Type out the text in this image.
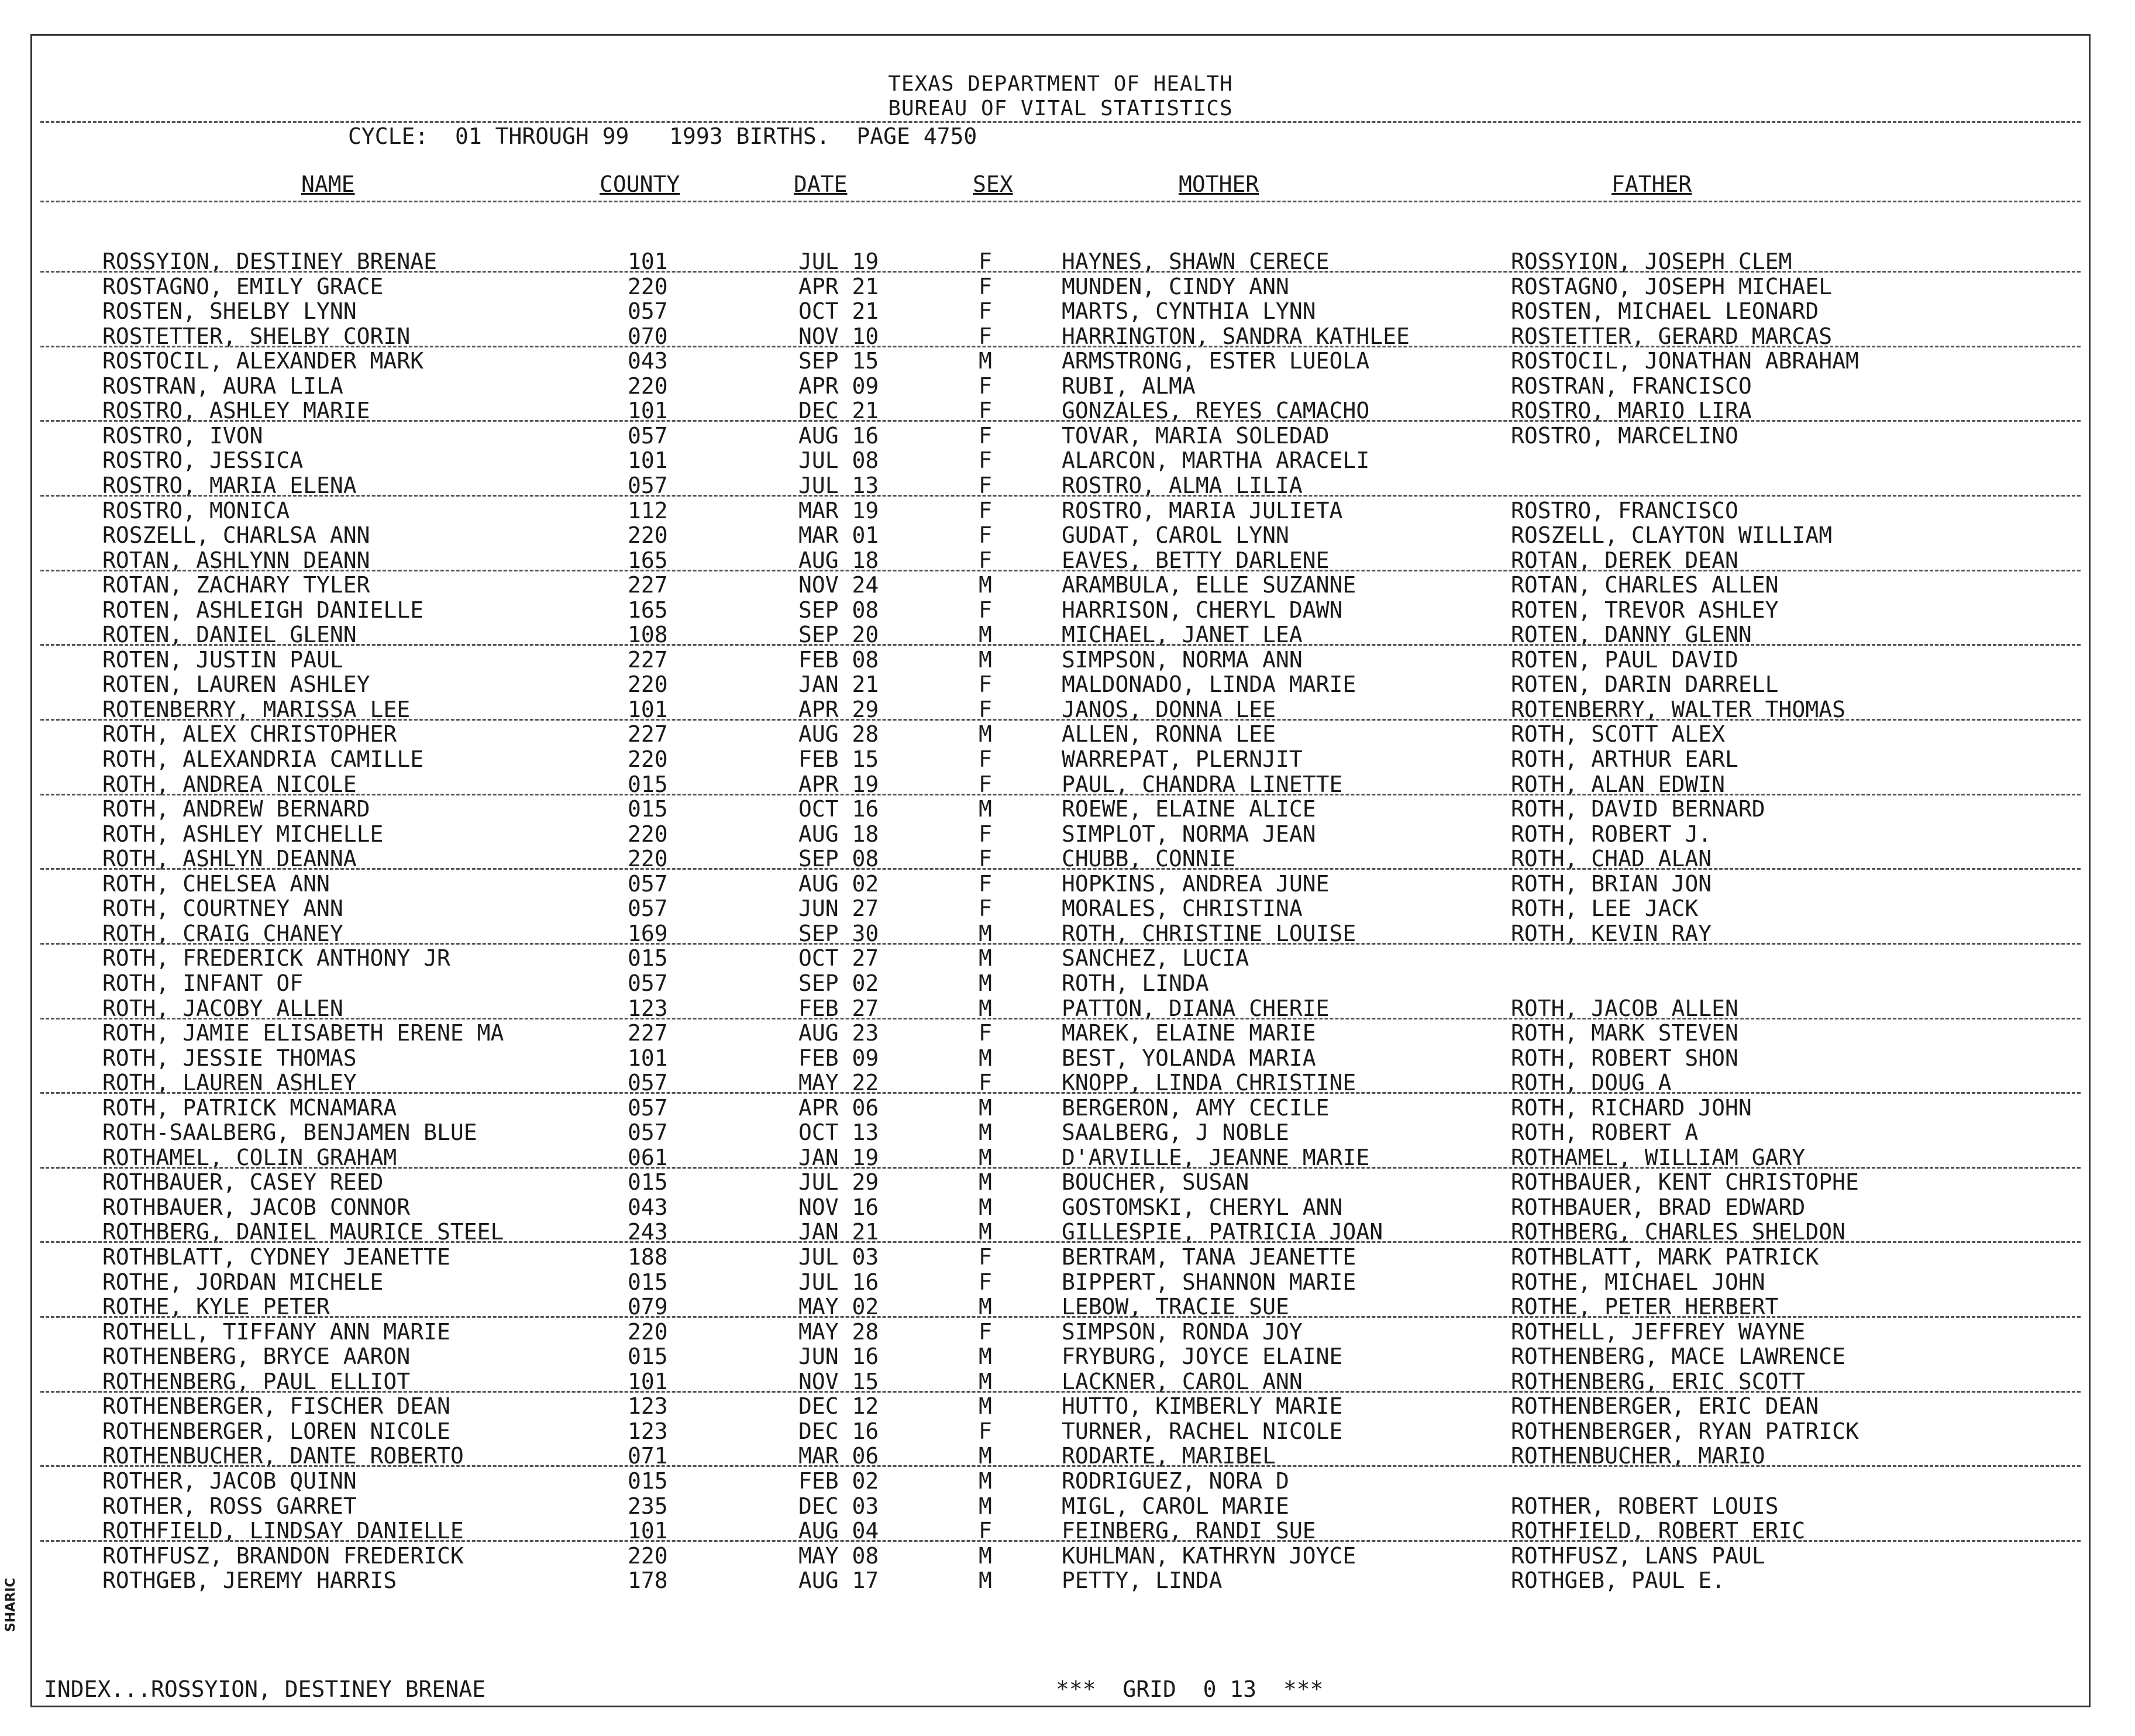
SHARIC
TEXAS DEPARTMENT OF HEALTH
BUREAU OF VITAL STATISTICS
CYCLE:  01 THROUGH 99   1993 BIRTHS.  PAGE 4750
NAME	COUNTY	DATE	SEX	MOTHER	FATHER
ROSSYION, DESTINEY BRENAE	101	JUL 19	F	HAYNES, SHAWN CERECE	ROSSYION, JOSEPH CLEM
ROSTAGNO, EMILY GRACE	220	APR 21	F	MUNDEN, CINDY ANN	ROSTAGNO, JOSEPH MICHAEL
ROSTEN, SHELBY LYNN	057	OCT 21	F	MARTS, CYNTHIA LYNN	ROSTEN, MICHAEL LEONARD
ROSTETTER, SHELBY CORIN	070	NOV 10	F	HARRINGTON, SANDRA KATHLEE	ROSTETTER, GERARD MARCAS
ROSTOCIL, ALEXANDER MARK	043	SEP 15	M	ARMSTRONG, ESTER LUEOLA	ROSTOCIL, JONATHAN ABRAHAM
ROSTRAN, AURA LILA	220	APR 09	F	RUBI, ALMA	ROSTRAN, FRANCISCO
ROSTRO, ASHLEY MARIE	101	DEC 21	F	GONZALES, REYES CAMACHO	ROSTRO, MARIO LIRA
ROSTRO, IVON	057	AUG 16	F	TOVAR, MARIA SOLEDAD	ROSTRO, MARCELINO
ROSTRO, JESSICA	101	JUL 08	F	ALARCON, MARTHA ARACELI
ROSTRO, MARIA ELENA	057	JUL 13	F	ROSTRO, ALMA LILIA
ROSTRO, MONICA	112	MAR 19	F	ROSTRO, MARIA JULIETA	ROSTRO, FRANCISCO
ROSZELL, CHARLSA ANN	220	MAR 01	F	GUDAT, CAROL LYNN	ROSZELL, CLAYTON WILLIAM
ROTAN, ASHLYNN DEANN	165	AUG 18	F	EAVES, BETTY DARLENE	ROTAN, DEREK DEAN
ROTAN, ZACHARY TYLER	227	NOV 24	M	ARAMBULA, ELLE SUZANNE	ROTAN, CHARLES ALLEN
ROTEN, ASHLEIGH DANIELLE	165	SEP 08	F	HARRISON, CHERYL DAWN	ROTEN, TREVOR ASHLEY
ROTEN, DANIEL GLENN	108	SEP 20	M	MICHAEL, JANET LEA	ROTEN, DANNY GLENN
ROTEN, JUSTIN PAUL	227	FEB 08	M	SIMPSON, NORMA ANN	ROTEN, PAUL DAVID
ROTEN, LAUREN ASHLEY	220	JAN 21	F	MALDONADO, LINDA MARIE	ROTEN, DARIN DARRELL
ROTENBERRY, MARISSA LEE	101	APR 29	F	JANOS, DONNA LEE	ROTENBERRY, WALTER THOMAS
ROTH, ALEX CHRISTOPHER	227	AUG 28	M	ALLEN, RONNA LEE	ROTH, SCOTT ALEX
ROTH, ALEXANDRIA CAMILLE	220	FEB 15	F	WARREPAT, PLERNJIT	ROTH, ARTHUR EARL
ROTH, ANDREA NICOLE	015	APR 19	F	PAUL, CHANDRA LINETTE	ROTH, ALAN EDWIN
ROTH, ANDREW BERNARD	015	OCT 16	M	ROEWE, ELAINE ALICE	ROTH, DAVID BERNARD
ROTH, ASHLEY MICHELLE	220	AUG 18	F	SIMPLOT, NORMA JEAN	ROTH, ROBERT J.
ROTH, ASHLYN DEANNA	220	SEP 08	F	CHUBB, CONNIE	ROTH, CHAD ALAN
ROTH, CHELSEA ANN	057	AUG 02	F	HOPKINS, ANDREA JUNE	ROTH, BRIAN JON
ROTH, COURTNEY ANN	057	JUN 27	F	MORALES, CHRISTINA	ROTH, LEE JACK
ROTH, CRAIG CHANEY	169	SEP 30	M	ROTH, CHRISTINE LOUISE	ROTH, KEVIN RAY
ROTH, FREDERICK ANTHONY JR	015	OCT 27	M	SANCHEZ, LUCIA
ROTH, INFANT OF	057	SEP 02	M	ROTH, LINDA
ROTH, JACOBY ALLEN	123	FEB 27	M	PATTON, DIANA CHERIE	ROTH, JACOB ALLEN
ROTH, JAMIE ELISABETH ERENE MA	227	AUG 23	F	MAREK, ELAINE MARIE	ROTH, MARK STEVEN
ROTH, JESSIE THOMAS	101	FEB 09	M	BEST, YOLANDA MARIA	ROTH, ROBERT SHON
ROTH, LAUREN ASHLEY	057	MAY 22	F	KNOPP, LINDA CHRISTINE	ROTH, DOUG A
ROTH, PATRICK MCNAMARA	057	APR 06	M	BERGERON, AMY CECILE	ROTH, RICHARD JOHN
ROTH-SAALBERG, BENJAMEN BLUE	057	OCT 13	M	SAALBERG, J NOBLE	ROTH, ROBERT A
ROTHAMEL, COLIN GRAHAM	061	JAN 19	M	D'ARVILLE, JEANNE MARIE	ROTHAMEL, WILLIAM GARY
ROTHBAUER, CASEY REED	015	JUL 29	M	BOUCHER, SUSAN	ROTHBAUER, KENT CHRISTOPHE
ROTHBAUER, JACOB CONNOR	043	NOV 16	M	GOSTOMSKI, CHERYL ANN	ROTHBAUER, BRAD EDWARD
ROTHBERG, DANIEL MAURICE STEEL	243	JAN 21	M	GILLESPIE, PATRICIA JOAN	ROTHBERG, CHARLES SHELDON
ROTHBLATT, CYDNEY JEANETTE	188	JUL 03	F	BERTRAM, TANA JEANETTE	ROTHBLATT, MARK PATRICK
ROTHE, JORDAN MICHELE	015	JUL 16	F	BIPPERT, SHANNON MARIE	ROTHE, MICHAEL JOHN
ROTHE, KYLE PETER	079	MAY 02	M	LEBOW, TRACIE SUE	ROTHE, PETER HERBERT
ROTHELL, TIFFANY ANN MARIE	220	MAY 28	F	SIMPSON, RONDA JOY	ROTHELL, JEFFREY WAYNE
ROTHENBERG, BRYCE AARON	015	JUN 16	M	FRYBURG, JOYCE ELAINE	ROTHENBERG, MACE LAWRENCE
ROTHENBERG, PAUL ELLIOT	101	NOV 15	M	LACKNER, CAROL ANN	ROTHENBERG, ERIC SCOTT
ROTHENBERGER, FISCHER DEAN	123	DEC 12	M	HUTTO, KIMBERLY MARIE	ROTHENBERGER, ERIC DEAN
ROTHENBERGER, LOREN NICOLE	123	DEC 16	F	TURNER, RACHEL NICOLE	ROTHENBERGER, RYAN PATRICK
ROTHENBUCHER, DANTE ROBERTO	071	MAR 06	M	RODARTE, MARIBEL	ROTHENBUCHER, MARIO
ROTHER, JACOB QUINN	015	FEB 02	M	RODRIGUEZ, NORA D
ROTHER, ROSS GARRET	235	DEC 03	M	MIGL, CAROL MARIE	ROTHER, ROBERT LOUIS
ROTHFIELD, LINDSAY DANIELLE	101	AUG 04	F	FEINBERG, RANDI SUE	ROTHFIELD, ROBERT ERIC
ROTHFUSZ, BRANDON FREDERICK	220	MAY 08	M	KUHLMAN, KATHRYN JOYCE	ROTHFUSZ, LANS PAUL
ROTHGEB, JEREMY HARRIS	178	AUG 17	M	PETTY, LINDA	ROTHGEB, PAUL E.
INDEX...ROSSYION, DESTINEY BRENAE	***  GRID  0 13  ***
